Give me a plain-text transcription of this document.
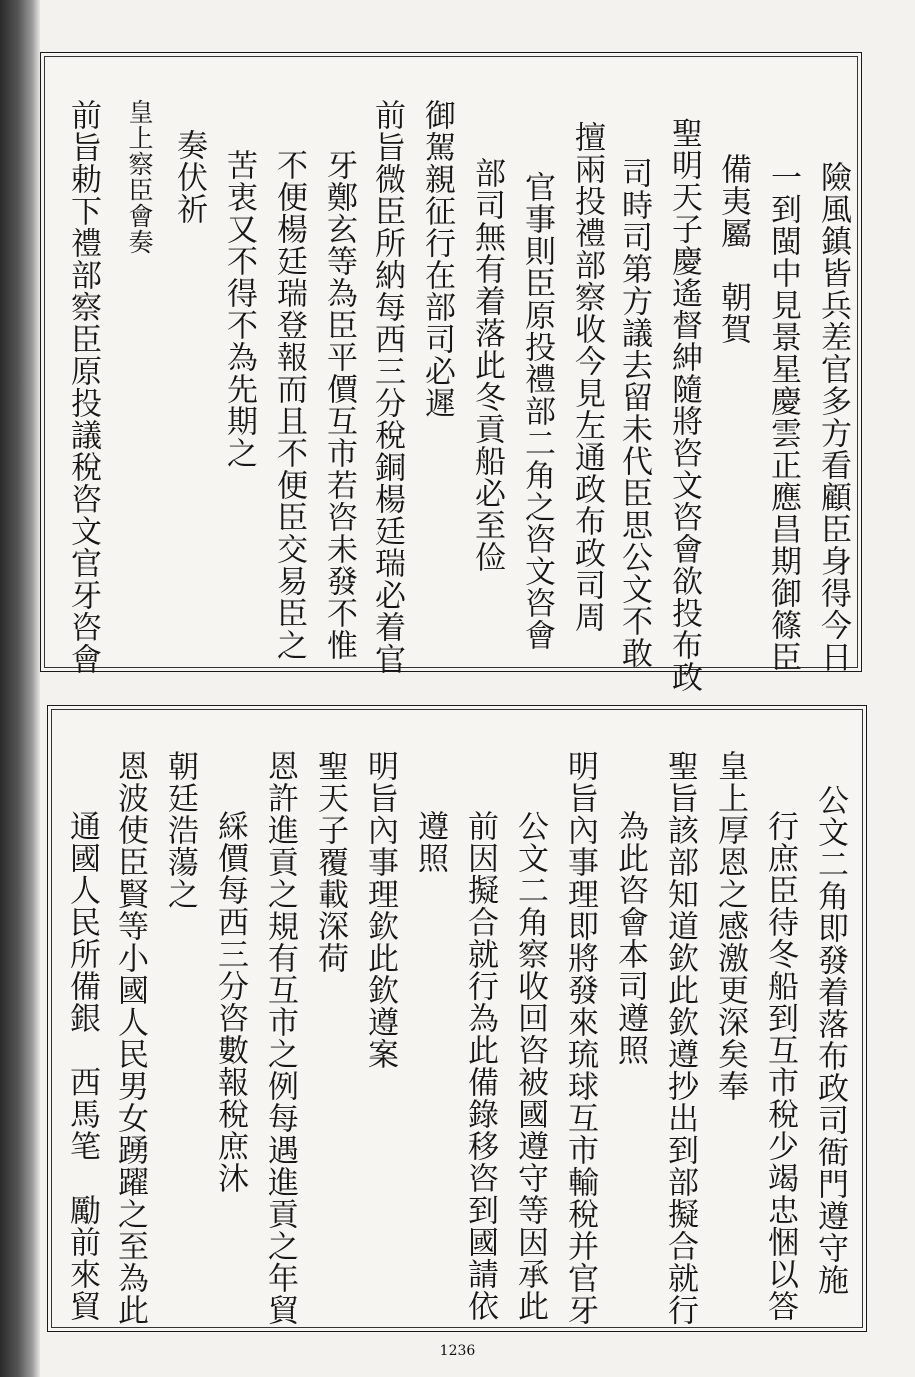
險風鎮皆兵差官多方看顧臣身得今日
一到閩中見景星慶雲正應昌期御篠臣
備夷屬　朝賀
聖明天子慶遙督紳隨將咨文咨會欲投布政
司時司第方議去留未代臣思公文不敢
擅兩投禮部察收今見左通政布政司周
官事則臣原投禮部二角之咨文咨會
部司無有着落此冬貢船必至俭
御駕親征行在部司必遲
前旨微臣所納每西三分稅銅楊廷瑞必着官
牙鄭玄等為臣平價互市若咨未發不惟
不便楊廷瑞登報而且不便臣交易臣之
苦衷又不得不為先期之
奏伏祈
皇上察臣會奏
前旨勅下禮部察臣原投議稅咨文官牙咨會
公文二角即發着落布政司衙門遵守施
行庶臣待冬船到互市稅少竭忠悃以答
皇上厚恩之感激更深矣奉
聖旨該部知道欽此欽遵抄出到部擬合就行
為此咨會本司遵照
明旨內事理即將發來琉球互市輸稅并官牙
公文二角察收回咨被國遵守等因承此
前因擬合就行為此備錄移咨到國請依
遵照
明旨內事理欽此欽遵案
聖天子覆載深荷
恩許進貢之規有互市之例每遇進貢之年貿
綵價每西三分咨數報稅庶沐
朝廷浩蕩之
恩波使臣賢等小國人民男女踴躍之至為此
通國人民所備銀　西馬笔　勵前來貿
1236
